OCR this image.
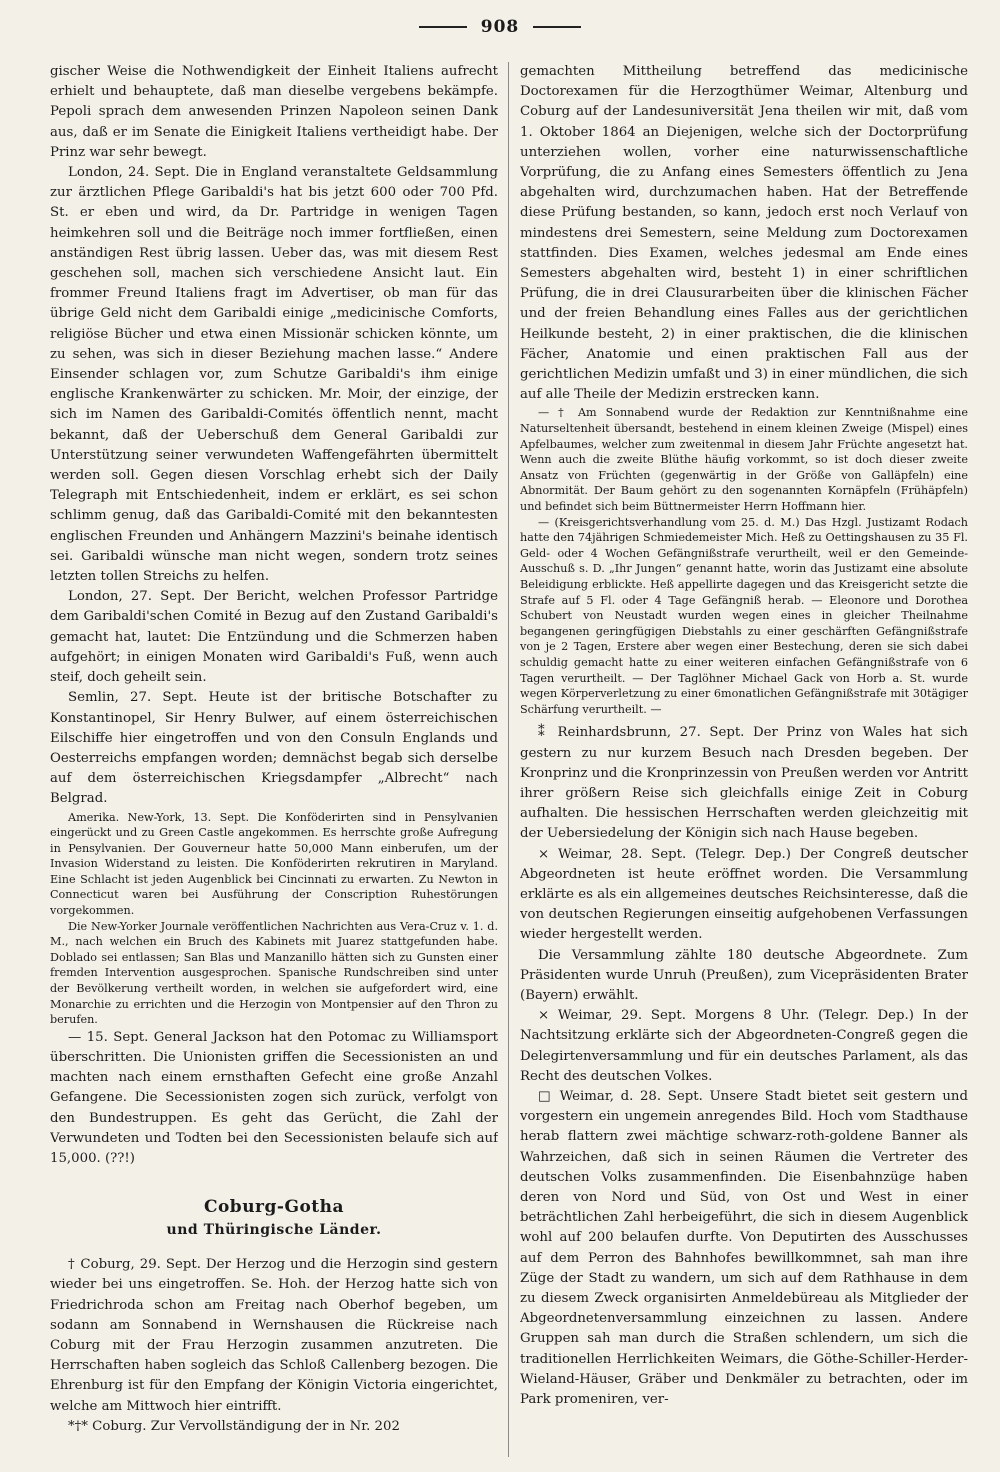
908

gischer Weise die Nothwendigkeit der Einheit Italiens aufrecht erhielt und behauptete, daß man dieselbe vergebens bekämpfe. Pepoli sprach dem anwesenden Prinzen Napoleon seinen Dank aus, daß er im Senate die Einigkeit Italiens vertheidigt habe. Der Prinz war sehr bewegt.

London, 24. Sept. Die in England veranstaltete Geldsammlung zur ärztlichen Pflege Garibaldi's hat bis jetzt 600 oder 700 Pfd. St. er eben und wird, da Dr. Partridge in wenigen Tagen heimkehren soll und die Beiträge noch immer fortfließen, einen anständigen Rest übrig lassen. Ueber das, was mit diesem Rest geschehen soll, machen sich verschiedene Ansicht laut. Ein frommer Freund Italiens fragt im Advertiser, ob man für das übrige Geld nicht dem Garibaldi einige „medicinische Comforts, religiöse Bücher und etwa einen Missionär schicken könnte, um zu sehen, was sich in dieser Beziehung machen lasse.“ Andere Einsender schlagen vor, zum Schutze Garibaldi's ihm einige englische Krankenwärter zu schicken. Mr. Moir, der einzige, der sich im Namen des Garibaldi-Comités öffentlich nennt, macht bekannt, daß der Ueberschuß dem General Garibaldi zur Unterstützung seiner verwundeten Waffengefährten übermittelt werden soll. Gegen diesen Vorschlag erhebt sich der Daily Telegraph mit Entschiedenheit, indem er erklärt, es sei schon schlimm genug, daß das Garibaldi-Comité mit den bekanntesten englischen Freunden und Anhängern Mazzini's beinahe identisch sei. Garibaldi wünsche man nicht wegen, sondern trotz seines letzten tollen Streichs zu helfen.

London, 27. Sept. Der Bericht, welchen Professor Partridge dem Garibaldi'schen Comité in Bezug auf den Zustand Garibaldi's gemacht hat, lautet: Die Entzündung und die Schmerzen haben aufgehört; in einigen Monaten wird Garibaldi's Fuß, wenn auch steif, doch geheilt sein.

Semlin, 27. Sept. Heute ist der britische Botschafter zu Konstantinopel, Sir Henry Bulwer, auf einem österreichischen Eilschiffe hier eingetroffen und von den Consuln Englands und Oesterreichs empfangen worden; demnächst begab sich derselbe auf dem österreichischen Kriegsdampfer „Albrecht“ nach Belgrad.

Amerika. New-York, 13. Sept. Die Konföderirten sind in Pensylvanien eingerückt und zu Green Castle angekommen. Es herrschte große Aufregung in Pensylvanien. Der Gouverneur hatte 50,000 Mann einberufen, um der Invasion Widerstand zu leisten. Die Konföderirten rekrutiren in Maryland. Eine Schlacht ist jeden Augenblick bei Cincinnati zu erwarten. Zu Newton in Connecticut waren bei Ausführung der Conscription Ruhestörungen vorgekommen.

Die New-Yorker Journale veröffentlichen Nachrichten aus Vera-Cruz v. 1. d. M., nach welchen ein Bruch des Kabinets mit Juarez stattgefunden habe. Doblado sei entlassen; San Blas und Manzanillo hätten sich zu Gunsten einer fremden Intervention ausgesprochen. Spanische Rundschreiben sind unter der Bevölkerung vertheilt worden, in welchen sie aufgefordert wird, eine Monarchie zu errichten und die Herzogin von Montpensier auf den Thron zu berufen.

— 15. Sept. General Jackson hat den Potomac zu Williamsport überschritten. Die Unionisten griffen die Secessionisten an und machten nach einem ernsthaften Gefecht eine große Anzahl Gefangene. Die Secessionisten zogen sich zurück, verfolgt von den Bundestruppen. Es geht das Gerücht, die Zahl der Verwundeten und Todten bei den Secessionisten belaufe sich auf 15,000. (??!)

Coburg-Gotha
und Thüringische Länder.

† Coburg, 29. Sept. Der Herzog und die Herzogin sind gestern wieder bei uns eingetroffen. Se. Hoh. der Herzog hatte sich von Friedrichroda schon am Freitag nach Oberhof begeben, um sodann am Sonnabend in Wernshausen die Rückreise nach Coburg mit der Frau Herzogin zusammen anzutreten. Die Herrschaften haben sogleich das Schloß Callenberg bezogen. Die Ehrenburg ist für den Empfang der Königin Victoria eingerichtet, welche am Mittwoch hier eintrifft.

*†* Coburg. Zur Vervollständigung der in Nr. 202

gemachten Mittheilung betreffend das medicinische Doctorexamen für die Herzogthümer Weimar, Altenburg und Coburg auf der Landesuniversität Jena theilen wir mit, daß vom 1. Oktober 1864 an Diejenigen, welche sich der Doctorprüfung unterziehen wollen, vorher eine naturwissenschaftliche Vorprüfung, die zu Anfang eines Semesters öffentlich zu Jena abgehalten wird, durchzumachen haben. Hat der Betreffende diese Prüfung bestanden, so kann, jedoch erst noch Verlauf von mindestens drei Semestern, seine Meldung zum Doctorexamen stattfinden. Dies Examen, welches jedesmal am Ende eines Semesters abgehalten wird, besteht 1) in einer schriftlichen Prüfung, die in drei Clausurarbeiten über die klinischen Fächer und der freien Behandlung eines Falles aus der gerichtlichen Heilkunde besteht, 2) in einer praktischen, die die klinischen Fächer, Anatomie und einen praktischen Fall aus der gerichtlichen Medizin umfaßt und 3) in einer mündlichen, die sich auf alle Theile der Medizin erstrecken kann.

— † Am Sonnabend wurde der Redaktion zur Kenntnißnahme eine Naturseltenheit übersandt, bestehend in einem kleinen Zweige (Mispel) eines Apfelbaumes, welcher zum zweitenmal in diesem Jahr Früchte angesetzt hat. Wenn auch die zweite Blüthe häufig vorkommt, so ist doch dieser zweite Ansatz von Früchten (gegenwärtig in der Größe von Galläpfeln) eine Abnormität. Der Baum gehört zu den sogenannten Kornäpfeln (Frühäpfeln) und befindet sich beim Büttnermeister Herrn Hoffmann hier.

— (Kreisgerichtsverhandlung vom 25. d. M.) Das Hzgl. Justizamt Rodach hatte den 74jährigen Schmiedemeister Mich. Heß zu Oettingshausen zu 35 Fl. Geld- oder 4 Wochen Gefängnißstrafe verurtheilt, weil er den Gemeinde-Ausschuß s. D. „Ihr Jungen“ genannt hatte, worin das Justizamt eine absolute Beleidigung erblickte. Heß appellirte dagegen und das Kreisgericht setzte die Strafe auf 5 Fl. oder 4 Tage Gefängniß herab. — Eleonore und Dorothea Schubert von Neustadt wurden wegen eines in gleicher Theilnahme begangenen geringfügigen Diebstahls zu einer geschärften Gefängnißstrafe von je 2 Tagen, Erstere aber wegen einer Bestechung, deren sie sich dabei schuldig gemacht hatte zu einer weiteren einfachen Gefängnißstrafe von 6 Tagen verurtheilt. — Der Taglöhner Michael Gack von Horb a. St. wurde wegen Körperverletzung zu einer 6monatlichen Gefängnißstrafe mit 30tägiger Schärfung verurtheilt. —

⁑ Reinhardsbrunn, 27. Sept. Der Prinz von Wales hat sich gestern zu nur kurzem Besuch nach Dresden begeben. Der Kronprinz und die Kronprinzessin von Preußen werden vor Antritt ihrer größern Reise sich gleichfalls einige Zeit in Coburg aufhalten. Die hessischen Herrschaften werden gleichzeitig mit der Uebersiedelung der Königin sich nach Hause begeben.

× Weimar, 28. Sept. (Telegr. Dep.) Der Congreß deutscher Abgeordneten ist heute eröffnet worden. Die Versammlung erklärte es als ein allgemeines deutsches Reichsinteresse, daß die von deutschen Regierungen einseitig aufgehobenen Verfassungen wieder hergestellt werden.

Die Versammlung zählte 180 deutsche Abgeordnete. Zum Präsidenten wurde Unruh (Preußen), zum Vicepräsidenten Brater (Bayern) erwählt.

× Weimar, 29. Sept. Morgens 8 Uhr. (Telegr. Dep.) In der Nachtsitzung erklärte sich der Abgeordneten-Congreß gegen die Delegirtenversammlung und für ein deutsches Parlament, als das Recht des deutschen Volkes.

□ Weimar, d. 28. Sept. Unsere Stadt bietet seit gestern und vorgestern ein ungemein anregendes Bild. Hoch vom Stadthause herab flattern zwei mächtige schwarz-roth-goldene Banner als Wahrzeichen, daß sich in seinen Räumen die Vertreter des deutschen Volks zusammenfinden. Die Eisenbahnzüge haben deren von Nord und Süd, von Ost und West in einer beträchtlichen Zahl herbeigeführt, die sich in diesem Augenblick wohl auf 200 belaufen durfte. Von Deputirten des Ausschusses auf dem Perron des Bahnhofes bewillkommnet, sah man ihre Züge der Stadt zu wandern, um sich auf dem Rathhause in dem zu diesem Zweck organisirten Anmeldebüreau als Mitglieder der Abgeordnetenversammlung einzeichnen zu lassen. Andere Gruppen sah man durch die Straßen schlendern, um sich die traditionellen Herrlichkeiten Weimars, die Göthe-Schiller-Herder-Wieland-Häuser, Gräber und Denkmäler zu betrachten, oder im Park promeniren, ver-
